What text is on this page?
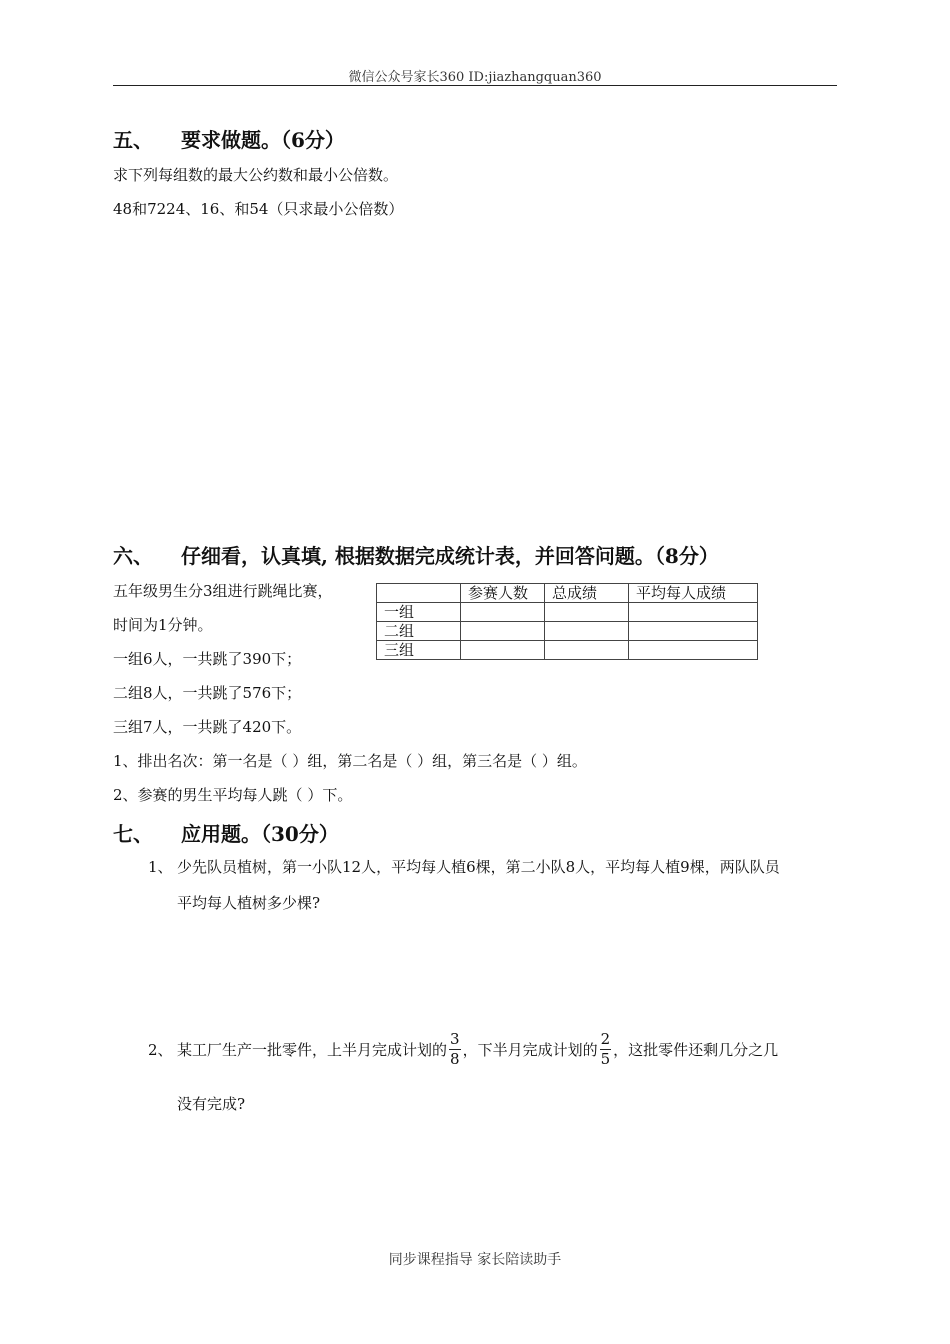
微信公众号家长360 ID:jiazhangquan360
五、 要求做题。（6分）
求下列每组数的最大公约数和最小公倍数。
48和7224、16、和54（只求最小公倍数）
六、 仔细看，认真填, 根据数据完成统计表，并回答问题。（8分）
五年级男生分3组进行跳绳比赛，
时间为1分钟。
一组6人，一共跳了390下；
二组8人，一共跳了576下；
三组7人，一共跳了420下。
	参赛人数	总成绩	平均每人成绩
一组			
二组			
三组			
1、排出名次：第一名是（ ）组，第二名是（ ）组，第三名是（ ）组。
2、参赛的男生平均每人跳（ ）下。
七、 应用题。（30分）
1、 少先队员植树，第一小队12人，平均每人植6棵，第二小队8人，平均每人植9棵，两队队员
平均每人植树多少棵?
2、 某工厂生产一批零件，上半月完成计划的 $\frac{3}{8}$ ，下半月完成计划的 $\frac{2}{5}$ ，这批零件还剩几分之几
没有完成?
同步课程指导 家长陪读助手
